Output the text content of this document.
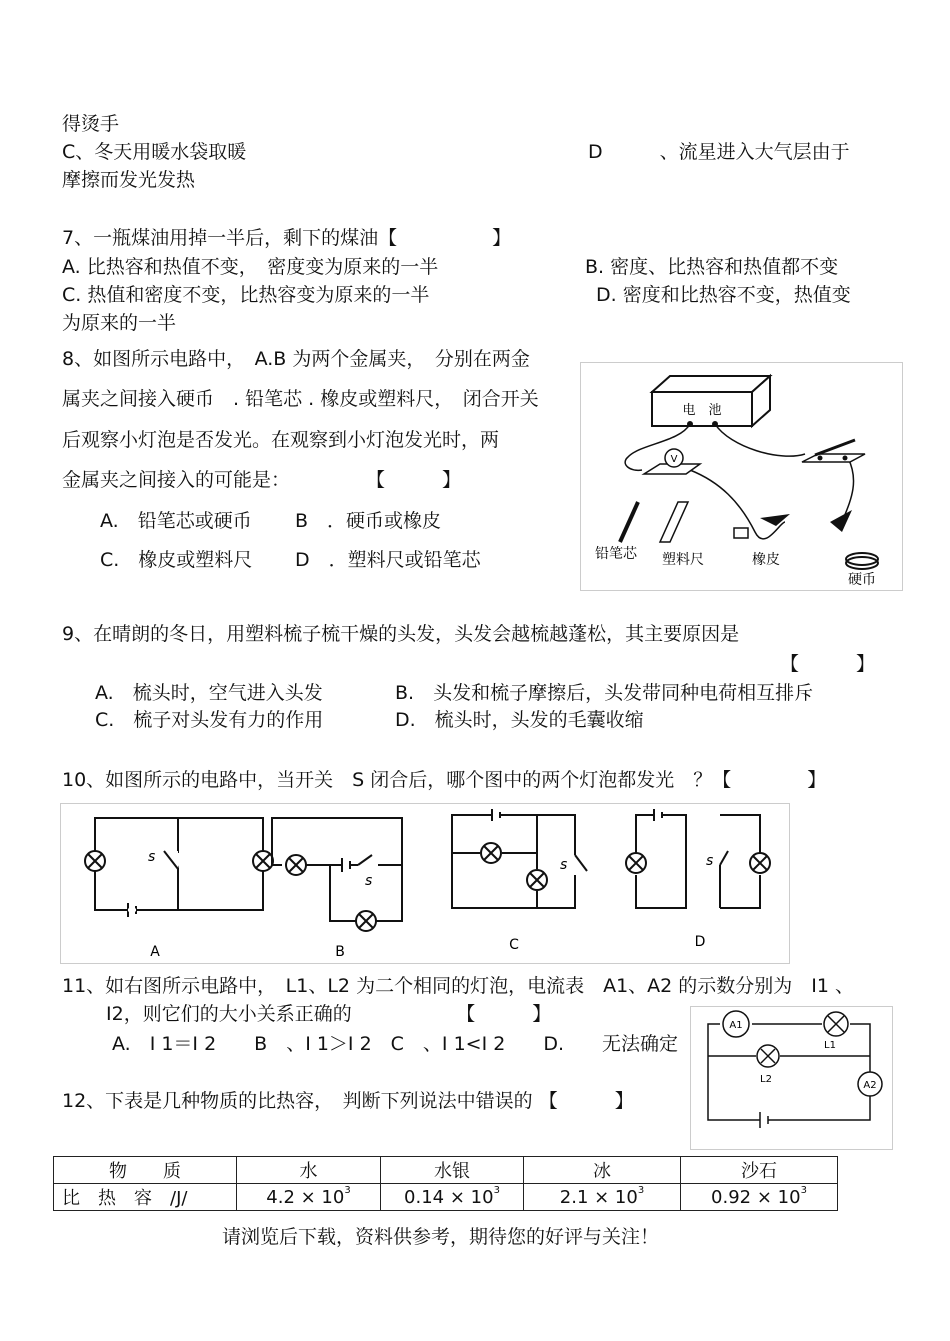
得烫手
C、冬天用暖水袋取暖	D　　　、流星进入大气层由于
摩擦而发光发热
7、一瓶煤油用掉一半后，剩下的煤油【　　　　　】
A. 比热容和热值不变，　密度变为原来的一半	B. 密度、比热容和热值都不变
C. 热值和密度不变，比热容变为原来的一半	D. 密度和比热容不变，热值变
为原来的一半
8、如图所示电路中，　A.B 为两个金属夹，　分别在两金
属夹之间接入硬币　. 铅笔芯 . 橡皮或塑料尺，　闭合开关
后观察小灯泡是否发光。在观察到小灯泡发光时，两
金属夹之间接入的可能是：　　　　　【　　　】
A.　铅笔芯或硬币 B　．硬币或橡皮
C.　橡皮或塑料尺 D　．塑料尺或铅笔芯
电　池
V
铅笔芯 塑料尺	橡皮
硬币
9、在晴朗的冬日，用塑料梳子梳干燥的头发，头发会越梳越蓬松，其主要原因是
【　　　】
A.　梳头时，空气进入头发	B.　头发和梳子摩擦后，头发带同种电荷相互排斥
C.　梳子对头发有力的作用	D.　梳头时，头发的毛囊收缩
10、如图所示的电路中，当开关　S 闭合后，哪个图中的两个灯泡都发光　？【　　　　】
s
A
s
B
s
C
s
D
11、如右图所示电路中，　L1、L2 为二个相同的灯泡，电流表　A1、A2 的示数分别为　I1 、
I2，则它们的大小关系正确的　　　　　　【　　　】
A.　I 1＝I 2　　B　、I 1＞I 2　C　、I 1<I 2　　D.　　无法确定
A1
L1
L2
A2
12、下表是几种物质的比热容，　判断下列说法中错误的 【　　　】
物　　质	水	水银	冰	沙石
比　热　容　/J/	$4.2 \times 10^3$	$0.14 \times 10^3$	$2.1 \times 10^3$	$0.92 \times 10^3$
请浏览后下载，资料供参考，期待您的好评与关注！
